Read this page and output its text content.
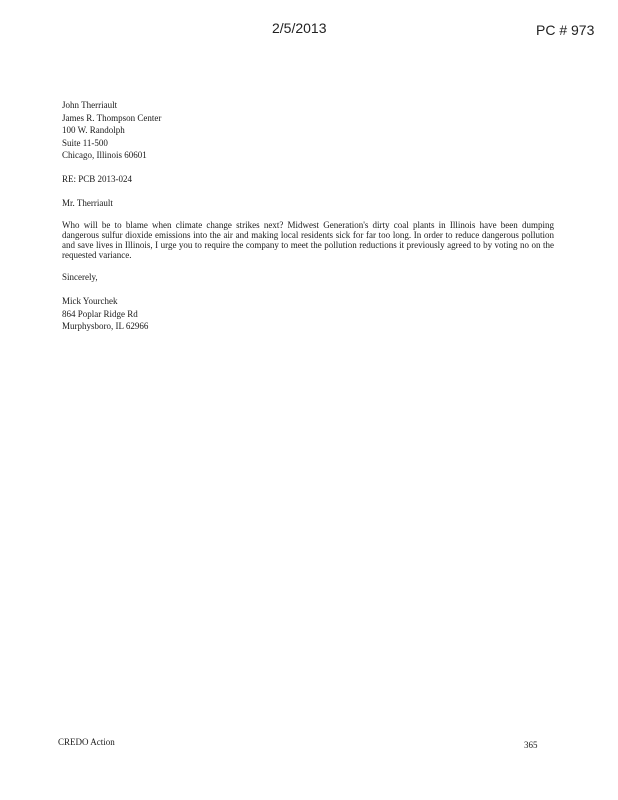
2/5/2013	PC # 973
John Therriault
James R. Thompson Center
100 W. Randolph
Suite 11-500
Chicago, Illinois 60601
RE: PCB 2013-024
Mr. Therriault
Who will be to blame when climate change strikes next? Midwest Generation's dirty coal plants in Illinois have been dumping dangerous sulfur dioxide emissions into the air and making local residents sick for far too long. In order to reduce dangerous pollution and save lives in Illinois, I urge you to require the company to meet the pollution reductions it previously agreed to by voting no on the requested variance.
Sincerely,
Mick Yourchek
864 Poplar Ridge Rd
Murphysboro, IL 62966
CREDO Action	365
